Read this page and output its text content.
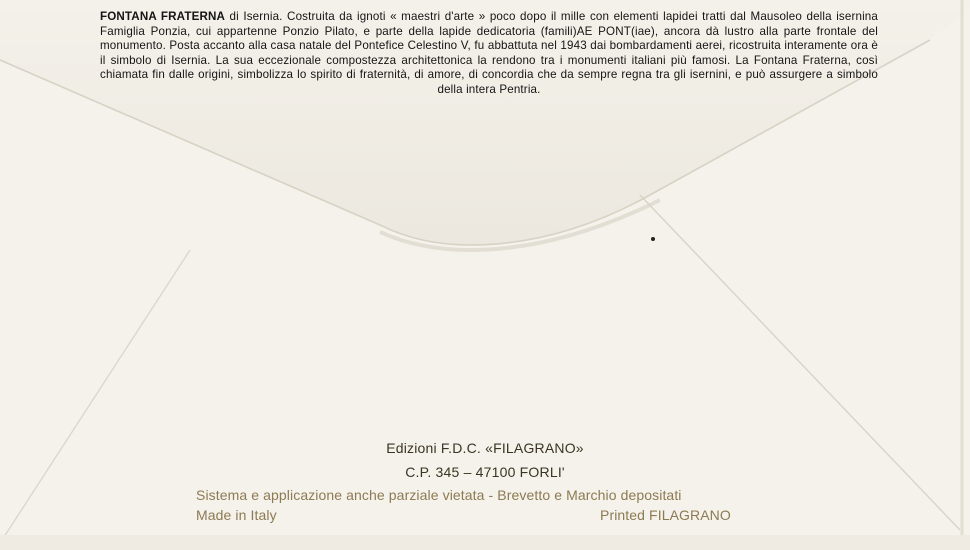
FONTANA FRATERNA di Isernia. Costruita da ignoti « maestri d'arte » poco dopo il mille con elementi lapidei tratti dal Mausoleo della isernina Famiglia Ponzia, cui appartenne Ponzio Pilato, e parte della lapide dedicatoria (famili)AE PONT(iae), ancora dà lustro alla parte frontale del monumento. Posta accanto alla casa natale del Pontefice Celestino V, fu abbattuta nel 1943 dai bombardamenti aerei, ricostruita interamente ora è il simbolo di Isernia. La sua eccezionale compostezza architettonica la rendono tra i monumenti italiani più famosi. La Fontana Fraterna, così chiamata fin dalle origini, simbolizza lo spirito di fraternità, di amore, di concordia che da sempre regna tra gli isernini, e può assurgere a simbolo della intera Pentria.
Edizioni F.D.C. «FILAGRANO»
C.P. 345 – 47100 FORLI'
Sistema e applicazione anche parziale vietata - Brevetto e Marchio depositati
Made in Italy	Printed FILAGRANO
